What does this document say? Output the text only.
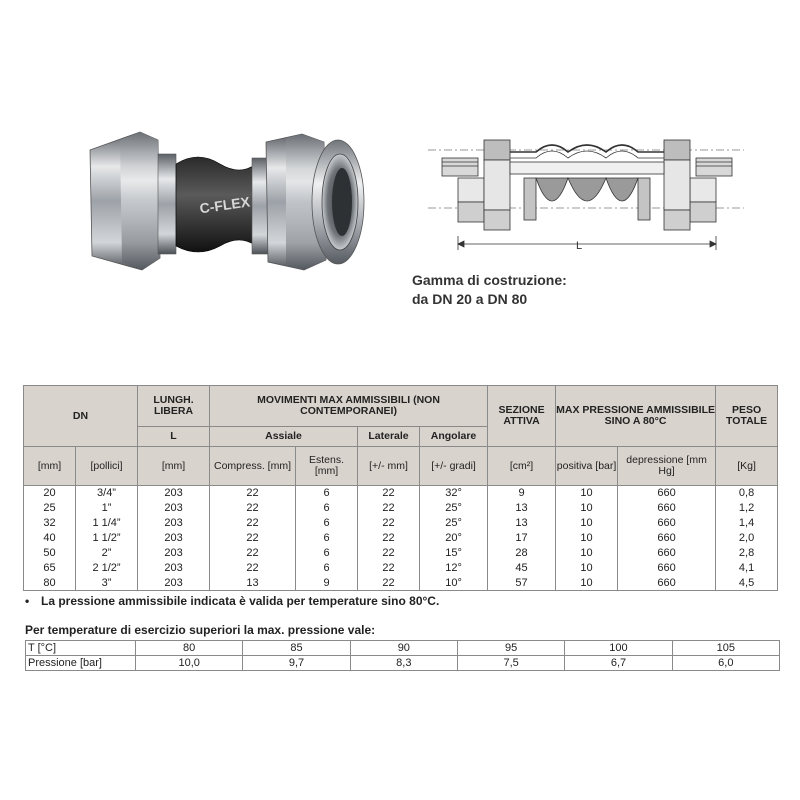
C-FLEX
L
Gamma di costruzione:
da DN 20 a DN 80
DN		LUNGH. LIBERA	MOVIMENTI MAX AMMISSIBILI (NON CONTEMPORANEI)				SEZIONE ATTIVA	MAX PRESSIONE AMMISSIBILE SINO A 80°C		PESO TOTALE
		L	Assiale		Laterale	Angolare				
[mm]	[pollici]	[mm]	Compress. [mm]	Estens. [mm]	[+/- mm]	[+/- gradi]	[cm²]	positiva [bar]	depressione [mm Hg]	[Kg]
20	3/4”	203	22	6	22	32°	9	10	660	0,8
25	1”	203	22	6	22	25°	13	10	660	1,2
32	1 1/4”	203	22	6	22	25°	13	10	660	1,4
40	1 1/2”	203	22	6	22	20°	17	10	660	2,0
50	2”	203	22	6	22	15°	28	10	660	2,8
65	2 1/2”	203	22	6	22	12°	45	10	660	4,1
80	3”	203	13	9	22	10°	57	10	660	4,5
• La pressione ammissibile indicata è valida per temperature sino 80°C.
Per temperature di esercizio superiori la max. pressione vale:
T [°C]	80	85	90	95	100	105
Pressione [bar]	10,0	9,7	8,3	7,5	6,7	6,0
